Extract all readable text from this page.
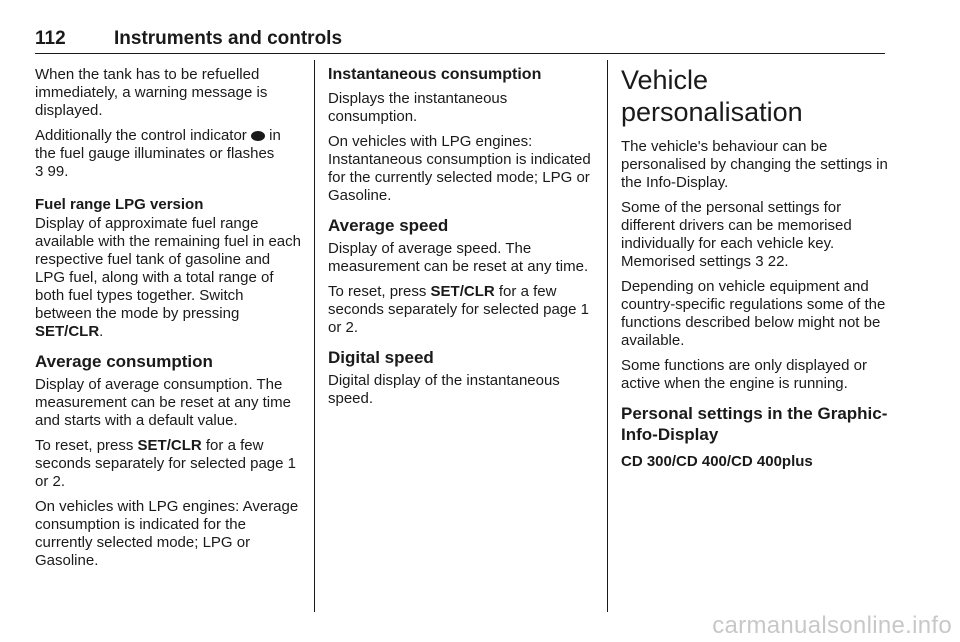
112	Instruments and controls

When the tank has to be refuelled immediately, a warning message is displayed.

Additionally the control indicator in the fuel gauge illuminates or flashes
3 99.

Fuel range LPG version

Display of approximate fuel range available with the remaining fuel in each respective fuel tank of gasoline and LPG fuel, along with a total range of both fuel types together. Switch between the mode by pressing SET/CLR.

Average consumption

Display of average consumption. The measurement can be reset at any time and starts with a default value.

To reset, press SET/CLR for a few seconds separately for selected page 1 or 2.

On vehicles with LPG engines: Average consumption is indicated for the currently selected mode; LPG or Gasoline.

Instantaneous consumption

Displays the instantaneous consumption.

On vehicles with LPG engines: Instantaneous consumption is indicated for the currently selected mode; LPG or Gasoline.

Average speed

Display of average speed. The measurement can be reset at any time.

To reset, press SET/CLR for a few seconds separately for selected page 1 or 2.

Digital speed

Digital display of the instantaneous speed.

Vehicle personalisation

The vehicle's behaviour can be personalised by changing the settings in the Info-Display.

Some of the personal settings for different drivers can be memorised individually for each vehicle key. Memorised settings 3 22.

Depending on vehicle equipment and country-specific regulations some of the functions described below might not be available.

Some functions are only displayed or active when the engine is running.

Personal settings in the Graphic-Info-Display
CD 300/CD 400/CD 400plus
carmanualsonline.info
